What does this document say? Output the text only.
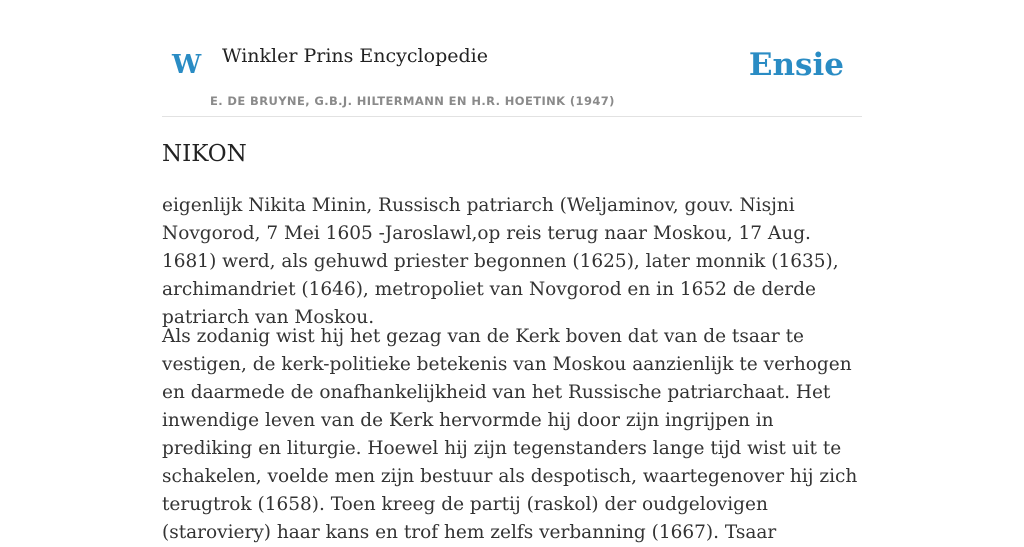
W Winkler Prins Encyclopedie
E. DE BRUYNE, G.B.J. HILTERMANN EN H.R. HOETINK (1947)
Ensie
NIKON

eigenlijk Nikita Minin, Russisch patriarch (Weljaminov, gouv. Nisjni Novgorod, 7 Mei 1605 -Jaroslawl,op reis terug naar Moskou, 17 Aug. 1681) werd, als gehuwd priester begonnen (1625), later monnik (1635), archimandriet (1646), metropoliet van Novgorod en in 1652 de derde patriarch van Moskou.

Als zodanig wist hij het gezag van de Kerk boven dat van de tsaar te vestigen, de kerk-politieke betekenis van Moskou aanzienlijk te verhogen en daarmede de onafhankelijkheid van het Russische patriarchaat. Het inwendige leven van de Kerk hervormde hij door zijn ingrijpen in prediking en liturgie. Hoewel hij zijn tegenstanders lange tijd wist uit te schakelen, voelde men zijn bestuur als despotisch, waartegenover hij zich terugtrok (1658). Toen kreeg de partij (raskol) der oudgelovigen (staroviery) haar kans en trof hem zelfs verbanning (1667). Tsaar
